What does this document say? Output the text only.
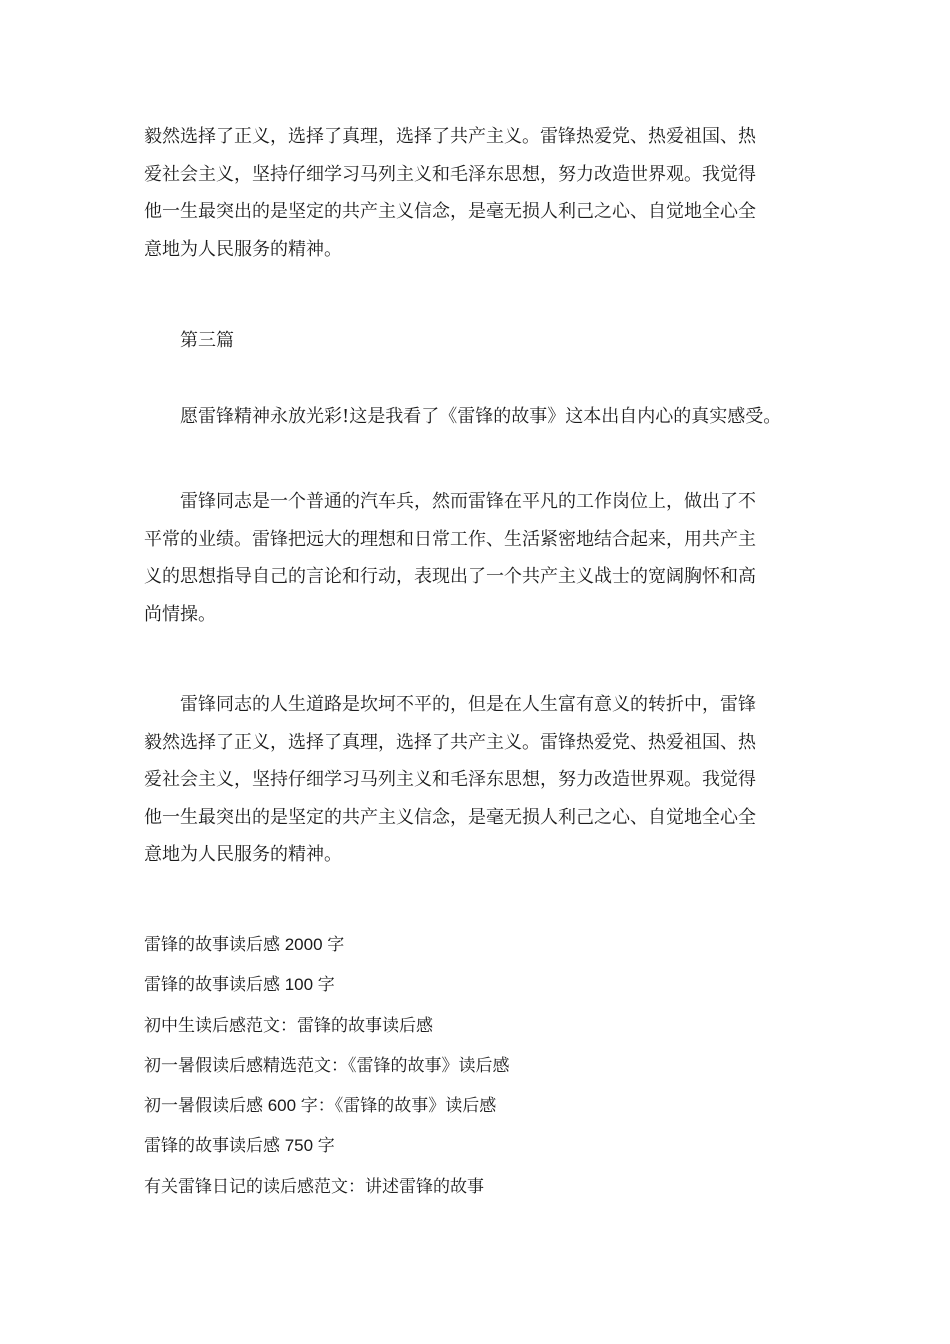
毅然选择了正义，选择了真理，选择了共产主义。雷锋热爱党、热爱祖国、热
爱社会主义，坚持仔细学习马列主义和毛泽东思想，努力改造世界观。我觉得
他一生最突出的是坚定的共产主义信念，是毫无损人利己之心、自觉地全心全
意地为人民服务的精神。

第三篇

愿雷锋精神永放光彩!这是我看了《雷锋的故事》这本出自内心的真实感受。
雷锋同志是一个普通的汽车兵，然而雷锋在平凡的工作岗位上，做出了不
平常的业绩。雷锋把远大的理想和日常工作、生活紧密地结合起来，用共产主
义的思想指导自己的言论和行动，表现出了一个共产主义战士的宽阔胸怀和高
尚情操。
雷锋同志的人生道路是坎坷不平的，但是在人生富有意义的转折中，雷锋
毅然选择了正义，选择了真理，选择了共产主义。雷锋热爱党、热爱祖国、热
爱社会主义，坚持仔细学习马列主义和毛泽东思想，努力改造世界观。我觉得
他一生最突出的是坚定的共产主义信念，是毫无损人利己之心、自觉地全心全
意地为人民服务的精神。
雷锋的故事读后感 2000 字
雷锋的故事读后感 100 字
初中生读后感范文：雷锋的故事读后感
初一暑假读后感精选范文：《雷锋的故事》读后感
初一暑假读后感 600 字：《雷锋的故事》读后感
雷锋的故事读后感 750 字
有关雷锋日记的读后感范文：讲述雷锋的故事
